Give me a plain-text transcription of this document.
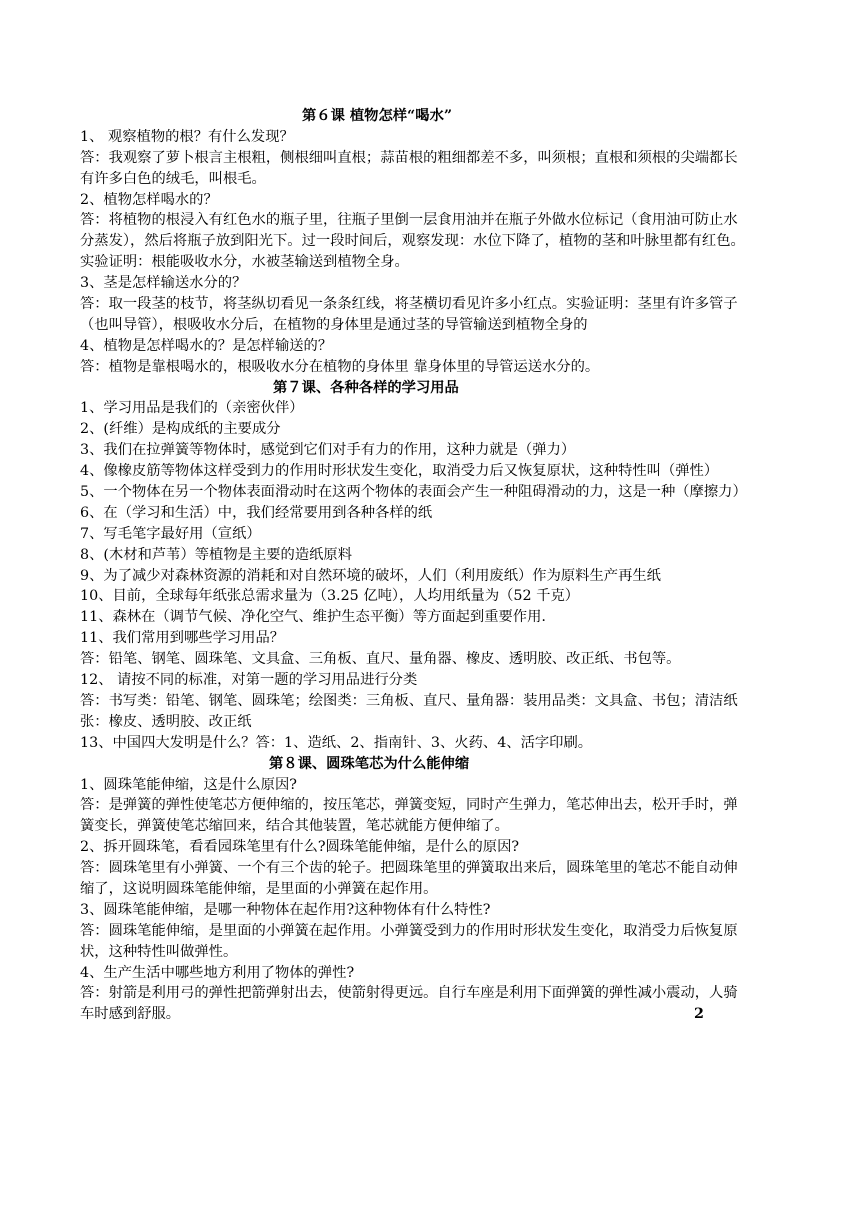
第６课 植物怎样“喝水”
1、 观察植物的根？有什么发现？
答：我观察了萝卜根言主根粗，侧根细叫直根；蒜苗根的粗细都差不多，叫须根；直根和须根的尖端都长
有许多白色的绒毛，叫根毛。
2、植物怎样喝水的？
答：将植物的根浸入有红色水的瓶子里，往瓶子里倒一层食用油并在瓶子外做水位标记（食用油可防止水
分蒸发），然后将瓶子放到阳光下。过一段时间后，观察发现：水位下降了，植物的茎和叶脉里都有红色。
实验证明：根能吸收水分，水被茎输送到植物全身。
3、茎是怎样输送水分的？
答：取一段茎的枝节，将茎纵切看见一条条红线，将茎横切看见许多小红点。实验证明：茎里有许多管子
（也叫导管），根吸收水分后，在植物的身体里是通过茎的导管输送到植物全身的
4、植物是怎样喝水的？是怎样输送的？
答：植物是靠根喝水的，根吸收水分在植物的身体里 靠身体里的导管运送水分的。
第７课、各种各样的学习用品
1、学习用品是我们的（亲密伙伴）
2、(纤维）是构成纸的主要成分
3、我们在拉弹簧等物体时，感觉到它们对手有力的作用，这种力就是（弹力）
4、像橡皮筋等物体这样受到力的作用时形状发生变化，取消受力后又恢复原状，这种特性叫（弹性）
5、一个物体在另一个物体表面滑动时在这两个物体的表面会产生一种阻碍滑动的力，这是一种（摩擦力）
6、在（学习和生活）中，我们经常要用到各种各样的纸
7、写毛笔字最好用（宣纸）
8、(木材和芦苇）等植物是主要的造纸原料
9、为了减少对森林资源的消耗和对自然环境的破坏，人们（利用废纸）作为原料生产再生纸
10、目前，全球每年纸张总需求量为（3.25 亿吨），人均用纸量为（52 千克）
11、森林在（调节气候、净化空气、维护生态平衡）等方面起到重要作用.
11、我们常用到哪些学习用品？
答：铅笔、钢笔、圆珠笔、文具盒、三角板、直尺、量角器、橡皮、透明胶、改正纸、书包等。
12、 请按不同的标准，对第一题的学习用品进行分类
答：书写类：铅笔、钢笔、圆珠笔；绘图类：三角板、直尺、量角器：装用品类：文具盒、书包；清洁纸
张：橡皮、透明胶、改正纸
13、中国四大发明是什么？答：1、造纸、2、指南针、3、火药、4、活字印刷。
第８课、圆珠笔芯为什么能伸缩
1、圆珠笔能伸缩，这是什么原因?
答：是弹簧的弹性使笔芯方便伸缩的，按压笔芯，弹簧变短，同时产生弹力，笔芯伸出去，松开手时，弹
簧变长，弹簧使笔芯缩回来，结合其他装置，笔芯就能方便伸缩了。
2、拆开圆珠笔，看看园珠笔里有什么?圆珠笔能伸缩，是什么的原因?
答：圆珠笔里有小弹簧、一个有三个齿的轮子。把圆珠笔里的弹簧取出来后，圆珠笔里的笔芯不能自动伸
缩了，这说明圆珠笔能伸缩，是里面的小弹簧在起作用。
3、圆珠笔能伸缩，是哪一种物体在起作用?这种物体有什么特性?
答：圆珠笔能伸缩，是里面的小弹簧在起作用。小弹簧受到力的作用时形状发生变化，取消受力后恢复原
状，这种特性叫做弹性。
4、生产生活中哪些地方利用了物体的弹性?
答：射箭是利用弓的弹性把箭弹射出去，使箭射得更远。自行车座是利用下面弹簧的弹性减小震动，人骑
车时感到舒服。	2
